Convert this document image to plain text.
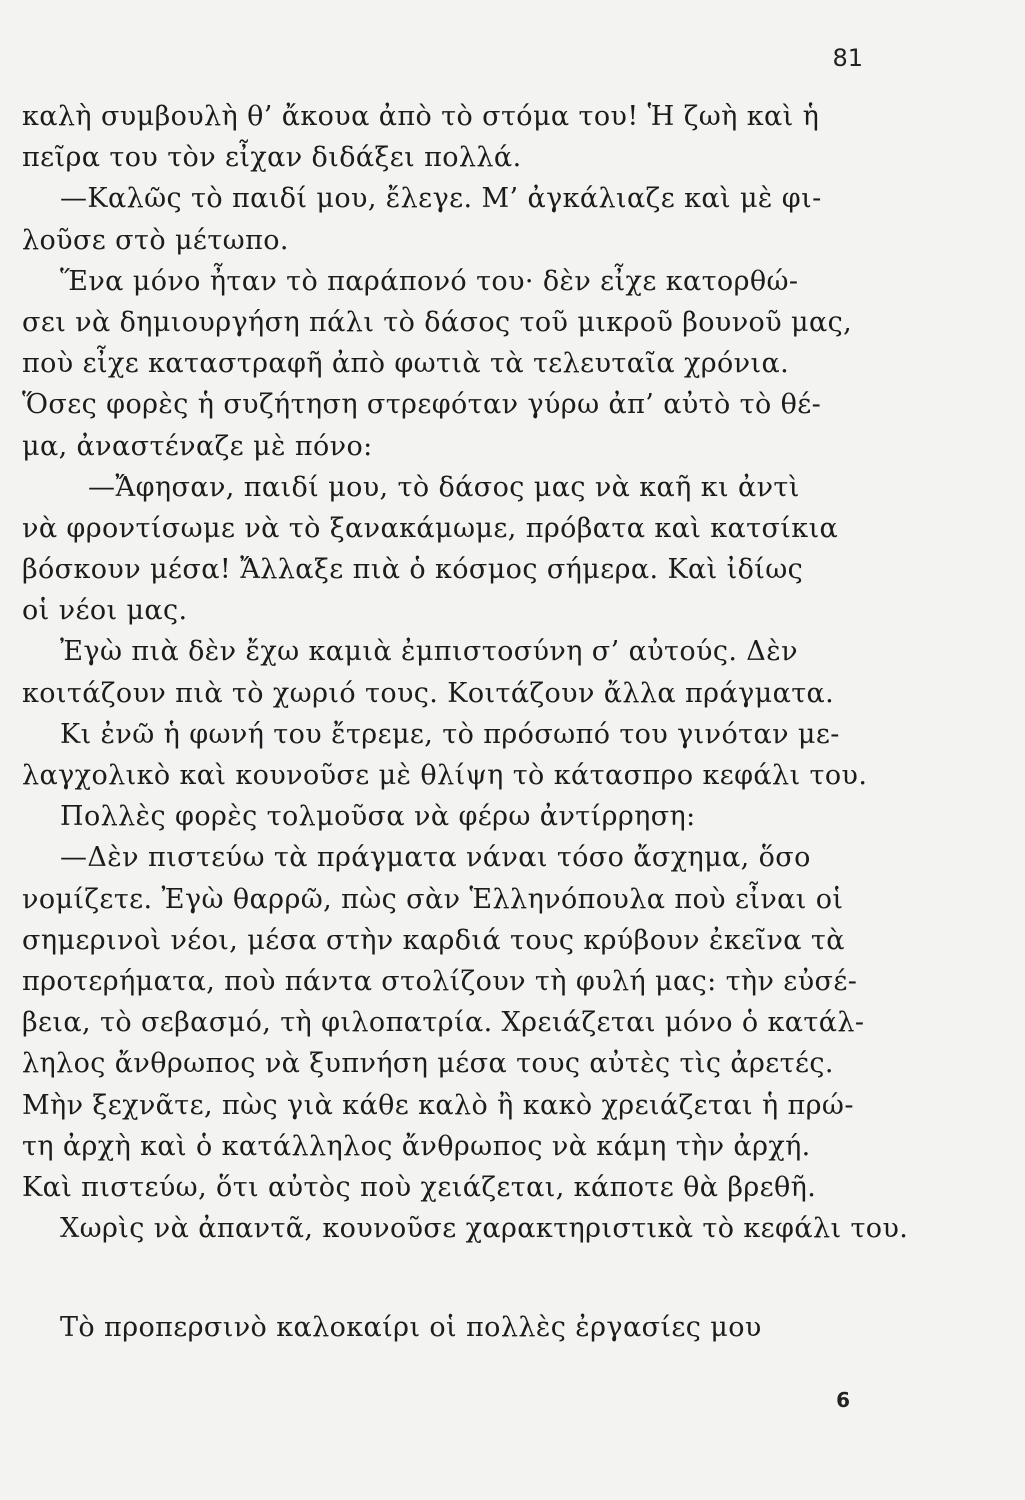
81
καλὴ συμβουλὴ θ’ ἄκουα ἀπὸ τὸ στόμα του! Ἡ ζωὴ καὶ ἡ
πεῖρα του τὸν εἶχαν διδάξει πολλά.
—Καλῶς τὸ παιδί μου, ἔλεγε. Μ’ ἀγκάλιαζε καὶ μὲ φι-
λοῦσε στὸ μέτωπο.
Ἕνα μόνο ἦταν τὸ παράπονό του· δὲν εἶχε κατορθώ-
σει νὰ δημιουργήση πάλι τὸ δάσος τοῦ μικροῦ βουνοῦ μας,
ποὺ εἶχε καταστραφῆ ἀπὸ φωτιὰ τὰ τελευταῖα χρόνια.
Ὅσες φορὲς ἡ συζήτηση στρεφόταν γύρω ἀπ’ αὐτὸ τὸ θέ-
μα, ἀναστέναζε μὲ πόνο:
—Ἄφησαν, παιδί μου, τὸ δάσος μας νὰ καῆ κι ἀντὶ
νὰ φροντίσωμε νὰ τὸ ξανακάμωμε, πρόβατα καὶ κατσίκια
βόσκουν μέσα! Ἄλλαξε πιὰ ὁ κόσμος σήμερα. Καὶ ἰδίως
οἱ νέοι μας.
Ἐγὼ πιὰ δὲν ἔχω καμιὰ ἐμπιστοσύνη σ’ αὐτούς. Δὲν
κοιτάζουν πιὰ τὸ χωριό τους. Κοιτάζουν ἄλλα πράγματα.
Κι ἐνῶ ἡ φωνή του ἔτρεμε, τὸ πρόσωπό του γινόταν με-
λαγχολικὸ καὶ κουνοῦσε μὲ θλίψη τὸ κάτασπρο κεφάλι του.
Πολλὲς φορὲς τολμοῦσα νὰ φέρω ἀντίρρηση:
—Δὲν πιστεύω τὰ πράγματα νάναι τόσο ἄσχημα, ὅσο
νομίζετε. Ἐγὼ θαρρῶ, πὼς σὰν Ἑλληνόπουλα ποὺ εἶναι οἱ
σημερινοὶ νέοι, μέσα στὴν καρδιά τους κρύβουν ἐκεῖνα τὰ
προτερήματα, ποὺ πάντα στολίζουν τὴ φυλή μας: τὴν εὐσέ-
βεια, τὸ σεβασμό, τὴ φιλοπατρία. Χρειάζεται μόνο ὁ κατάλ-
ληλος ἄνθρωπος νὰ ξυπνήση μέσα τους αὐτὲς τὶς ἀρετές.
Μὴν ξεχνᾶτε, πὼς γιὰ κάθε καλὸ ἢ κακὸ χρειάζεται ἡ πρώ-
τη ἀρχὴ καὶ ὁ κατάλληλος ἄνθρωπος νὰ κάμη τὴν ἀρχή.
Καὶ πιστεύω, ὅτι αὐτὸς ποὺ χειάζεται, κάποτε θὰ βρεθῆ.
Χωρὶς νὰ ἀπαντᾶ, κουνοῦσε χαρακτηριστικὰ τὸ κεφάλι του.
Τὸ προπερσινὸ καλοκαίρι οἱ πολλὲς ἐργασίες μου
6
